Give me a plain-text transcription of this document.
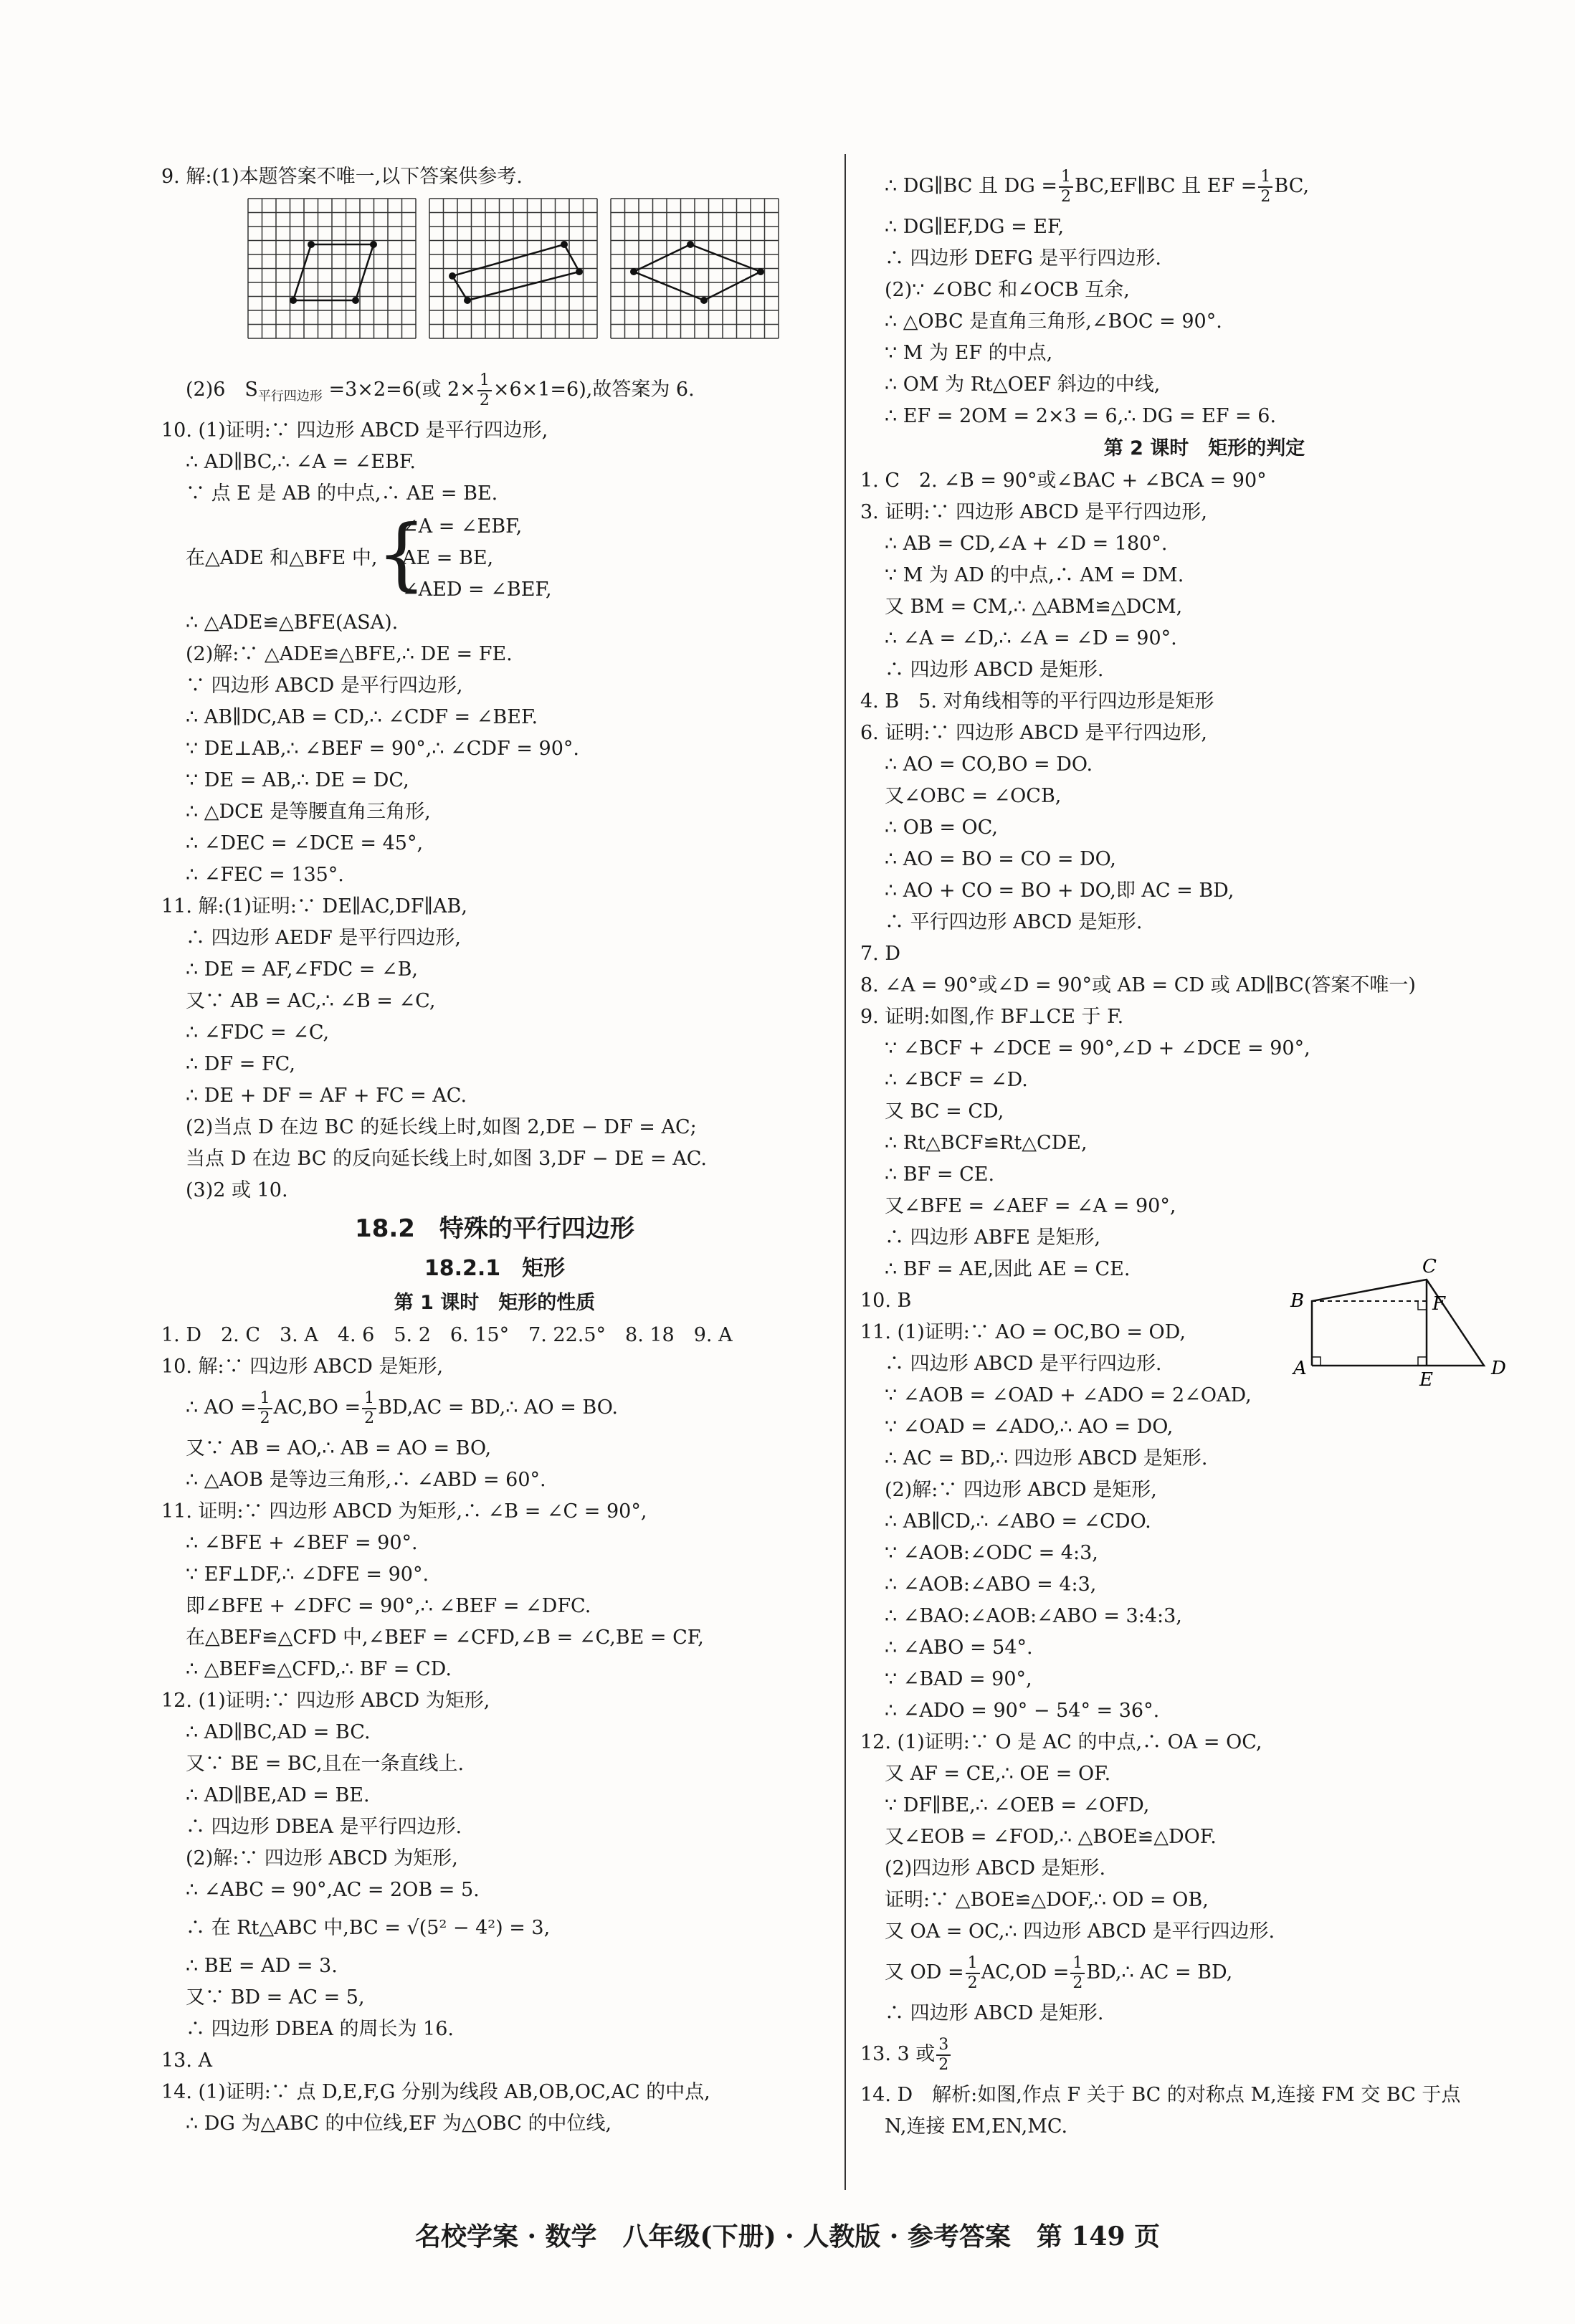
9. 解:(1)本题答案不唯一,以下答案供参考.
(2)6　$S_{平行四边形} =3\times 2=6$(或 $2\times \frac{1}{2} \times 6\times 1=6$),故答案为 6.
10. (1)证明:∵ 四边形 ABCD 是平行四边形,
∴ AD∥BC,∴ ∠A = ∠EBF.
∵ 点 E 是 AB 的中点,∴ AE = BE.
在△ADE 和△BFE 中,
{
∠A = ∠EBF,
AE = BE,
∠AED = ∠BEF,
∴ △ADE≌△BFE(ASA).
(2)解:∵ △ADE≌△BFE,∴ DE = FE.
∵ 四边形 ABCD 是平行四边形,
∴ AB∥DC,AB = CD,∴ ∠CDF = ∠BEF.
∵ DE⊥AB,∴ ∠BEF = 90°,∴ ∠CDF = 90°.
∵ DE = AB,∴ DE = DC,
∴ △DCE 是等腰直角三角形,
∴ ∠DEC = ∠DCE = 45°,
∴ ∠FEC = 135°.
11. 解:(1)证明:∵ DE∥AC,DF∥AB,
∴ 四边形 AEDF 是平行四边形,
∴ DE = AF,∠FDC = ∠B,
又∵ AB = AC,∴ ∠B = ∠C,
∴ ∠FDC = ∠C,
∴ DF = FC,
∴ DE + DF = AF + FC = AC.
(2)当点 D 在边 BC 的延长线上时,如图 2,DE − DF = AC;
当点 D 在边 BC 的反向延长线上时,如图 3,DF − DE = AC.
(3)2 或 10.
18.2　特殊的平行四边形
18.2.1　矩形
第 1 课时　矩形的性质
1. D　2. C　3. A　4. 6　5. 2　6. 15°　7. 22.5°　8. 18　9. A
10. 解:∵ 四边形 ABCD 是矩形,
∴ AO = $\frac{1}{2} AC,BO = \frac{1}{2} BD,AC$ = BD,∴ AO = BO.
又∵ AB = AO,∴ AB = AO = BO,
∴ △AOB 是等边三角形,∴ ∠ABD = 60°.
11. 证明:∵ 四边形 ABCD 为矩形,∴ ∠B = ∠C = 90°,
∴ ∠BFE + ∠BEF = 90°.
∵ EF⊥DF,∴ ∠DFE = 90°.
即∠BFE + ∠DFC = 90°,∴ ∠BEF = ∠DFC.
在△BEF≌△CFD 中,∠BEF = ∠CFD,∠B = ∠C,BE = CF,
∴ △BEF≌△CFD,∴ BF = CD.
12. (1)证明:∵ 四边形 ABCD 为矩形,
∴ AD∥BC,AD = BC.
又∵ BE = BC,且在一条直线上.
∴ AD∥BE,AD = BE.
∴ 四边形 DBEA 是平行四边形.
(2)解:∵ 四边形 ABCD 为矩形,
∴ ∠ABC = 90°,AC = 2OB = 5.
∴ 在 Rt△ABC 中,BC = √(5² − 4²) = 3,
∴ BE = AD = 3.
又∵ BD = AC = 5,
∴ 四边形 DBEA 的周长为 16.
13. A
14. (1)证明:∵ 点 D,E,F,G 分别为线段 AB,OB,OC,AC 的中点,
∴ DG 为△ABC 的中位线,EF 为△OBC 的中位线,
∴ DG∥BC 且 DG = $\frac{1}{2}$ BC,EF∥BC 且 EF = $\frac{1}{2}$ BC,
∴ DG∥EF,DG = EF,
∴ 四边形 DEFG 是平行四边形.
(2)∵ ∠OBC 和∠OCB 互余,
∴ △OBC 是直角三角形,∠BOC = 90°.
∵ M 为 EF 的中点,
∴ OM 为 Rt△OEF 斜边的中线,
∴ EF = 2OM = 2×3 = 6,∴ DG = EF = 6.
第 2 课时　矩形的判定
1. C　2. ∠B = 90°或∠BAC + ∠BCA = 90°
3. 证明:∵ 四边形 ABCD 是平行四边形,
∴ AB = CD,∠A + ∠D = 180°.
∵ M 为 AD 的中点,∴ AM = DM.
又 BM = CM,∴ △ABM≌△DCM,
∴ ∠A = ∠D,∴ ∠A = ∠D = 90°.
∴ 四边形 ABCD 是矩形.
4. B　5. 对角线相等的平行四边形是矩形
6. 证明:∵ 四边形 ABCD 是平行四边形,
∴ AO = CO,BO = DO.
又∠OBC = ∠OCB,
∴ OB = OC,
∴ AO = BO = CO = DO,
∴ AO + CO = BO + DO,即 AC = BD,
∴ 平行四边形 ABCD 是矩形.
7. D
8. ∠A = 90°或∠D = 90°或 AB = CD 或 AD∥BC(答案不唯一)
9. 证明:如图,作 BF⊥CE 于 F.
∵ ∠BCF + ∠DCE = 90°,∠D + ∠DCE = 90°,
∴ ∠BCF = ∠D.
又 BC = CD,
∴ Rt△BCF≌Rt△CDE,
∴ BF = CE.
又∠BFE = ∠AEF = ∠A = 90°,
∴ 四边形 ABFE 是矩形,
∴ BF = AE,因此 AE = CE.
10. B
11. (1)证明:∵ AO = OC,BO = OD,
∴ 四边形 ABCD 是平行四边形.
∵ ∠AOB = ∠OAD + ∠ADO = 2∠OAD,
∵ ∠OAD = ∠ADO,∴ AO = DO,
∴ AC = BD,∴ 四边形 ABCD 是矩形.
(2)解:∵ 四边形 ABCD 是矩形,
∴ AB∥CD,∴ ∠ABO = ∠CDO.
∵ ∠AOB:∠ODC = 4:3,
∴ ∠AOB:∠ABO = 4:3,
∴ ∠BAO:∠AOB:∠ABO = 3:4:3,
∴ ∠ABO = 54°.
∵ ∠BAD = 90°,
∴ ∠ADO = 90° − 54° = 36°.
12. (1)证明:∵ O 是 AC 的中点,∴ OA = OC,
又 AF = CE,∴ OE = OF.
∵ DF∥BE,∴ ∠OEB = ∠OFD,
又∠EOB = ∠FOD,∴ △BOE≌△DOF.
(2)四边形 ABCD 是矩形.
证明:∵ △BOE≌△DOF,∴ OD = OB,
又 OA = OC,∴ 四边形 ABCD 是平行四边形.
又 OD = $\frac{1}{2} AC,OD = \frac{1}{2}$ BD,∴ AC = BD,
∴ 四边形 ABCD 是矩形.
13. 3 或 $\frac{3}{2}$
14. D　解析:如图,作点 F 关于 BC 的对称点 M,连接 FM 交 BC 于点
N,连接 EM,EN,MC.
A
B
C
D
E
F
名校学案 · 数学　八年级(下册) · 人教版 · 参考答案　第 149 页
